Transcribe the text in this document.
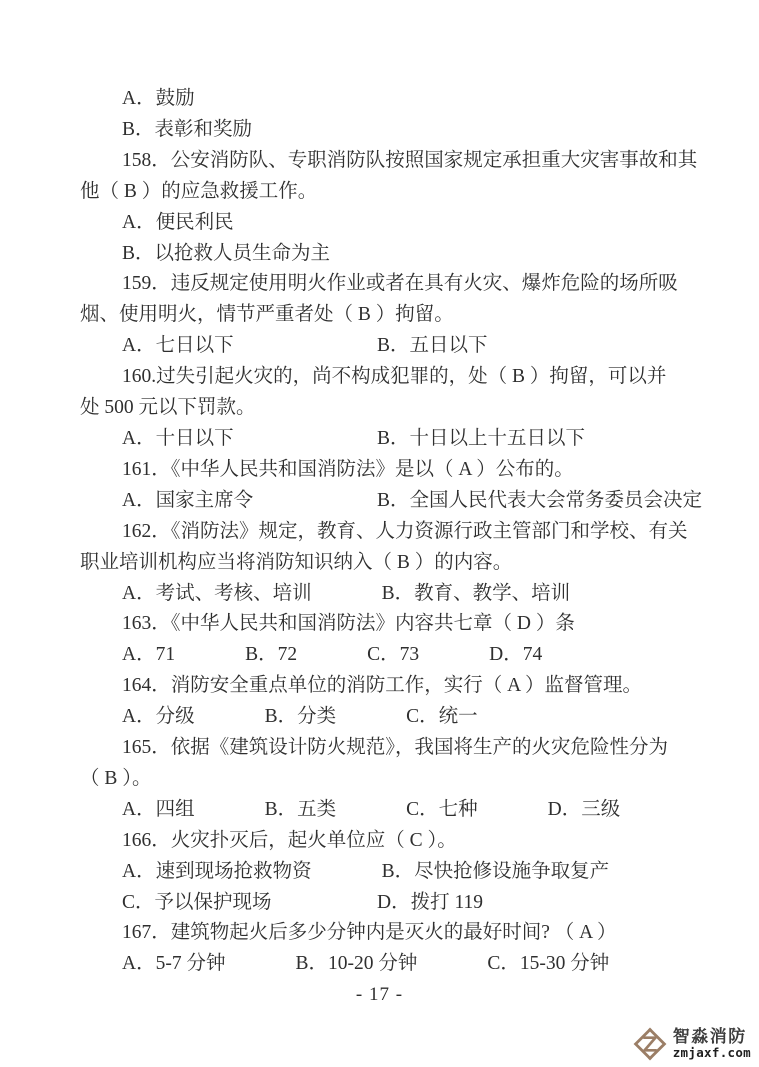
A．鼓励
B．表彰和奖励
158．公安消防队、专职消防队按照国家规定承担重大灾害事故和其
他（ B ）的应急救援工作。
A．便民利民
B．以抢救人员生命为主
159．违反规定使用明火作业或者在具有火灾、爆炸危险的场所吸
烟、使用明火，情节严重者处（ B ）拘留。
A．七日以下	B．五日以下
160.过失引起火灾的，尚不构成犯罪的，处（ B ）拘留，可以并
处 500 元以下罚款。
A．十日以下	B．十日以上十五日以下
161．《中华人民共和国消防法》是以（ A ）公布的。
A．国家主席令	B．全国人民代表大会常务委员会决定
162．《消防法》规定，教育、人力资源行政主管部门和学校、有关
职业培训机构应当将消防知识纳入（ B ）的内容。
A．考试、考核、培训	B．教育、教学、培训
163．《中华人民共和国消防法》内容共七章（ D ）条
A．71	B．72	C．73	D．74
164．消防安全重点单位的消防工作，实行（ A ）监督管理。
A．分级	B．分类	C．统一
165．依据《建筑设计防火规范》，我国将生产的火灾危险性分为
（ B ）。
A．四组	B．五类	C．七种	D．三级
166．火灾扑灭后，起火单位应（ C ）。
A．速到现场抢救物资	B．尽快抢修设施争取复产
C．予以保护现场	D．拨打 119
167．建筑物起火后多少分钟内是灭火的最好时间? （ A ）
A．5-7 分钟	B．10-20 分钟	C．15-30 分钟
- 17 -
智淼消防
zmjaxf.com
